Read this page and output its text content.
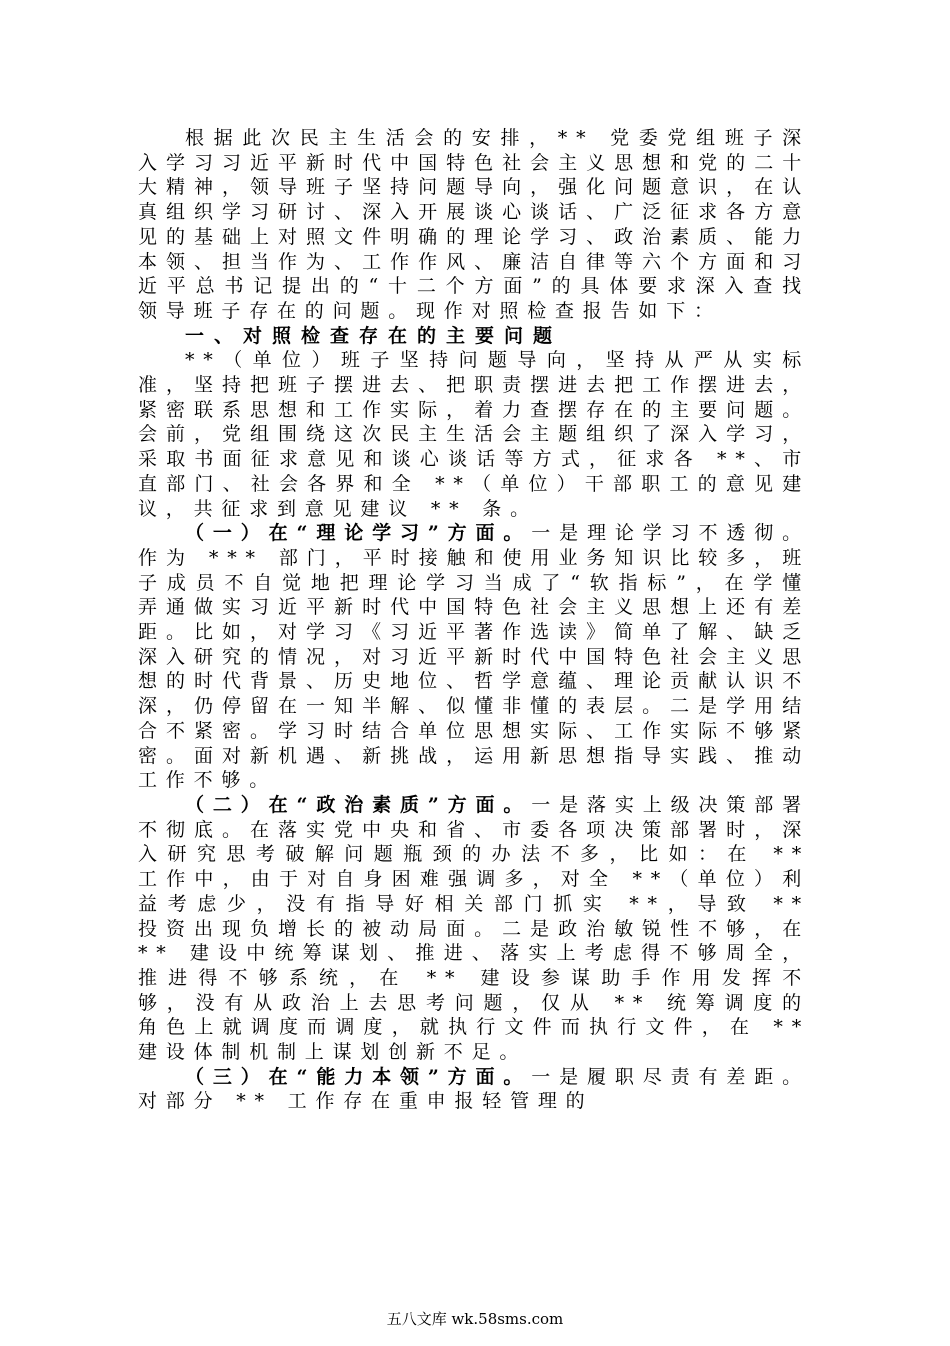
根据此次民主生活会的安排，** 党委党组班子深入学习习近平新时代中国特色社会主义思想和党的二十大精神，领导班子坚持问题导向，强化问题意识，在认真组织学习研讨、深入开展谈心谈话、广泛征求各方意见的基础上对照文件明确的理论学习、政治素质、能力本领、担当作为、工作作风、廉洁自律等六个方面和习近平总书记提出的“十二个方面”的具体要求深入查找领导班子存在的问题。现作对照检查报告如下：

一、对照检查存在的主要问题

**（单位）班子坚持问题导向，坚持从严从实标准，坚持把班子摆进去、把职责摆进去把工作摆进去，紧密联系思想和工作实际，着力查摆存在的主要问题。会前，党组围绕这次民主生活会主题组织了深入学习，采取书面征求意见和谈心谈话等方式，征求各 **、市直部门、社会各界和全 **（单位）干部职工的意见建议，共征求到意见建议 ** 条。

（一）在“理论学习”方面。一是理论学习不透彻。作为 *** 部门，平时接触和使用业务知识比较多，班子成员不自觉地把理论学习当成了“软指标”，在学懂弄通做实习近平新时代中国特色社会主义思想上还有差距。比如，对学习《习近平著作选读》简单了解、缺乏深入研究的情况，对习近平新时代中国特色社会主义思想的时代背景、历史地位、哲学意蕴、理论贡献认识不深，仍停留在一知半解、似懂非懂的表层。二是学用结合不紧密。学习时结合单位思想实际、工作实际不够紧密。面对新机遇、新挑战，运用新思想指导实践、推动工作不够。

（二）在“政治素质”方面。一是落实上级决策部署不彻底。在落实党中央和省、市委各项决策部署时，深入研究思考破解问题瓶颈的办法不多，比如：在 ** 工作中，由于对自身困难强调多，对全 **（单位）利益考虑少，没有指导好相关部门抓实 **，导致 ** 投资出现负增长的被动局面。二是政治敏锐性不够，在 ** 建设中统筹谋划、推进、落实上考虑得不够周全，推进得不够系统，在 ** 建设参谋助手作用发挥不够，没有从政治上去思考问题，仅从 ** 统筹调度的角色上就调度而调度，就执行文件而执行文件，在 ** 建设体制机制上谋划创新不足。

（三）在“能力本领”方面。一是履职尽责有差距。对部分 ** 工作存在重申报轻管理的

五八文库 wk.58sms.com
